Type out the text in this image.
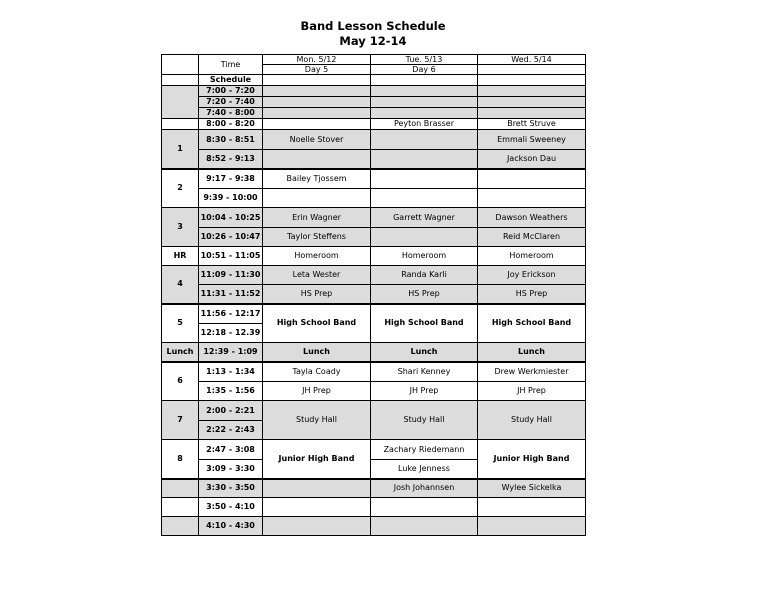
Band Lesson Schedule
May 12-14
	Time	Mon. 5/12	Tue. 5/13	Wed. 5/14
		Day 5	Day 6	
	Schedule			
	7:00 - 7:20			
	7:20 - 7:40			
	7:40 - 8:00			
	8:00 - 8:20		Peyton Brasser	Brett Struve
1	8:30 - 8:51	Noelle Stover		Emmali Sweeney
	8:52 - 9:13			Jackson Dau
2	9:17 - 9:38	Bailey Tjossem		
	9:39 - 10:00			
3	10:04 - 10:25	Erin Wagner	Garrett Wagner	Dawson Weathers
	10:26 - 10:47	Taylor Steffens		Reid McClaren
HR	10:51 - 11:05	Homeroom	Homeroom	Homeroom
4	11:09 - 11:30	Leta Wester	Randa Karli	Joy Erickson
	11:31 - 11:52	HS Prep	HS Prep	HS Prep
5	11:56 - 12:17	High School Band	High School Band	High School Band
	12:18 - 12.39			
Lunch	12:39 - 1:09	Lunch	Lunch	Lunch
6	1:13 - 1:34	Tayla Coady	Shari Kenney	Drew Werkmiester
	1:35 - 1:56	JH Prep	JH Prep	JH Prep
7	2:00 - 2:21	Study Hall	Study Hall	Study Hall
	2:22 - 2:43			
8	2:47 - 3:08	Junior High Band	Zachary Riedemann	Junior High Band
	3:09 - 3:30		Luke Jenness	
	3:30 - 3:50		Josh Johannsen	Wylee Sickelka
	3:50 - 4:10			
	4:10 - 4:30			
